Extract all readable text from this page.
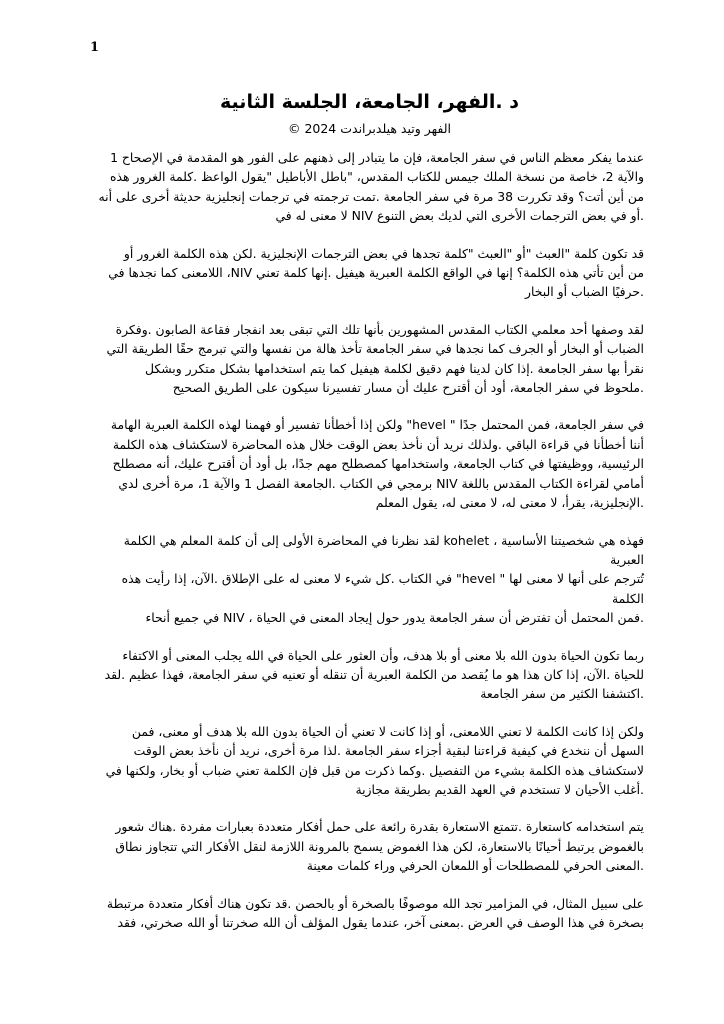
1
د .الفهر، الجامعة، الجلسة الثانية
الفهر وتيد هيلدبراندت 2024 ©

عندما يفكر معظم الناس في سفر الجامعة، فإن ما يتبادر إلى ذهنهم على الفور هو المقدمة في الإصحاح 1
والآية 2، خاصة من نسخة الملك جيمس للكتاب المقدس، "باطل الأباطيل "يقول الواعظ .كلمة الغرور هذه
من أين أتت؟ وقد تكررت 38 مرة في سفر الجامعة .تمت ترجمته في ترجمات إنجليزية حديثة أخرى على أنه
.أو في بعض الترجمات الأخرى التي لديك بعض التنوع NIV لا معنى له في

قد تكون كلمة "العبث "أو "العبث "كلمة تجدها في بعض الترجمات الإنجليزية .لكن هذه الكلمة الغرور أو
من أين تأتي هذه الكلمة؟ إنها في الواقع الكلمة العبرية هيفيل .إنها كلمة تعني NIV، اللامعنى كما نجدها في
.حرفيًا الضباب أو البخار

لقد وصفها أحد معلمي الكتاب المقدس المشهورين بأنها تلك التي تبقى بعد انفجار فقاعة الصابون .وفكرة
الضباب أو البخار أو الجرف كما نجدها في سفر الجامعة تأخذ هالة من نفسها والتي تبرمج حقًا الطريقة التي
نقرأ بها سفر الجامعة .إذا كان لدينا فهم دقيق لكلمة هيفيل كما يتم استخدامها بشكل متكرر وبشكل
.ملحوظ في سفر الجامعة، أود أن أقترح عليك أن مسار تفسيرنا سيكون على الطريق الصحيح

في سفر الجامعة، فمن المحتمل جدًا " hevel" ولكن إذا أخطأنا تفسير أو فهمنا لهذه الكلمة العبرية الهامة
أننا أخطأنا في قراءة الباقي .ولذلك نريد أن نأخذ بعض الوقت خلال هذه المحاضرة لاستكشاف هذه الكلمة
الرئيسية، ووظيفتها في كتاب الجامعة، واستخدامها كمصطلح مهم جدًا، بل أود أن أقترح عليك، أنه مصطلح
أمامي لقراءة الكتاب المقدس باللغة NIV برمجي في الكتاب .الجامعة الفصل 1 والآية 1، مرة أخرى لدي
.الإنجليزية، يقرأ، لا معنى له، لا معنى له، يقول المعلم

فهذه هي شخصيتنا الأساسية ، kohelet لقد نظرنا في المحاضرة الأولى إلى أن كلمة المعلم هي الكلمة العبرية
تُترجم على أنها لا معنى لها " hevel" في الكتاب .كل شيء لا معنى له على الإطلاق .الآن، إذا رأيت هذه الكلمة
.فمن المحتمل أن تفترض أن سفر الجامعة يدور حول إيجاد المعنى في الحياة ، NIV في جميع أنحاء

ربما تكون الحياة بدون الله بلا معنى أو بلا هدف، وأن العثور على الحياة في الله يجلب المعنى أو الاكتفاء
للحياة .الآن، إذا كان هذا هو ما يُقصد من الكلمة العبرية أن تنقله أو تعنيه في سفر الجامعة، فهذا عظيم .لقد
.اكتشفنا الكثير من سفر الجامعة

ولكن إذا كانت الكلمة لا تعني اللامعنى، أو إذا كانت لا تعني أن الحياة بدون الله بلا هدف أو معنى، فمن
السهل أن ننخدع في كيفية قراءتنا لبقية أجزاء سفر الجامعة .لذا مرة أخرى، نريد أن نأخذ بعض الوقت
لاستكشاف هذه الكلمة بشيء من التفصيل .وكما ذكرت من قبل فإن الكلمة تعني ضباب أو بخار، ولكنها في
.أغلب الأحيان لا تستخدم في العهد القديم بطريقة مجازية

يتم استخدامه كاستعارة .تتمتع الاستعارة بقدرة رائعة على حمل أفكار متعددة بعبارات مفردة .هناك شعور
بالغموض يرتبط أحيانًا بالاستعارة، لكن هذا الغموض يسمح بالمرونة اللازمة لنقل الأفكار التي تتجاوز نطاق
.المعنى الحرفي للمصطلحات أو اللمعان الحرفي وراء كلمات معينة

على سبيل المثال، في المزامير تجد الله موصوفًا بالصخرة أو بالحصن .قد تكون هناك أفكار متعددة مرتبطة
بصخرة في هذا الوصف في العرض .بمعنى آخر، عندما يقول المؤلف أن الله صخرتنا أو الله صخرتي، فقد
